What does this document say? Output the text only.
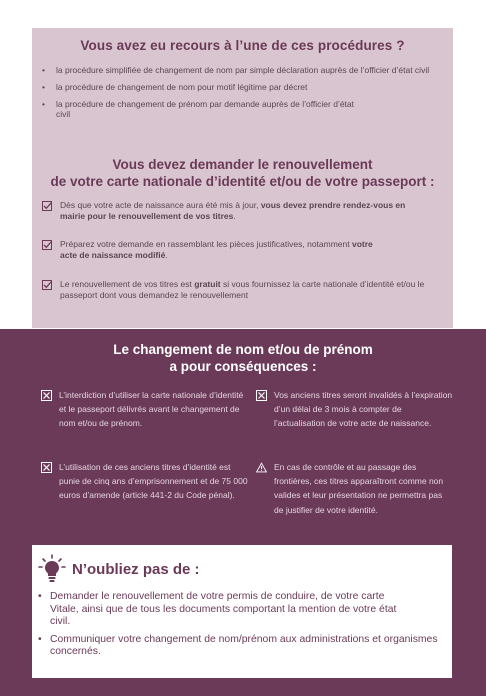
Vous avez eu recours à l’une de ces procédures ?
• la procédure simplifiée de changement de nom par simple déclaration auprès de l’officier d’état civil
• la procédure de changement de nom pour motif légitime par décret
• la procédure de changement de prénom par demande auprès de l’officier d’état civil
Vous devez demander le renouvellement
de votre carte nationale d’identité et/ou de votre passeport :
Dès que votre acte de naissance aura été mis à jour, vous devez prendre rendez-vous en mairie pour le renouvellement de vos titres.
Préparez votre demande en rassemblant les pièces justificatives, notamment votre acte de naissance modifié.
Le renouvellement de vos titres est gratuit si vous fournissez la carte nationale d’identité et/ou le passeport dont vous demandez le renouvellement
Le changement de nom et/ou de prénom
a pour conséquences :
L’interdiction d’utiliser la carte nationale d’identité et le passeport délivrés avant le changement de nom et/ou de prénom.
Vos anciens titres seront invalidés à l’expiration d’un délai de 3 mois à compter de l’actualisation de votre acte de naissance.
L’utilisation de ces anciens titres d’identité est punie de cinq ans d’emprisonnement et de 75 000 euros d’amende (article 441-2 du Code pénal).
En cas de contrôle et au passage des frontières, ces titres apparaîtront comme non valides et leur présentation ne permettra pas de justifier de votre identité.
N’oubliez pas de :
• Demander le renouvellement de votre permis de conduire, de votre carte Vitale, ainsi que de tous les documents comportant la mention de votre état civil.
• Communiquer votre changement de nom/prénom aux administrations et organismes concernés.
